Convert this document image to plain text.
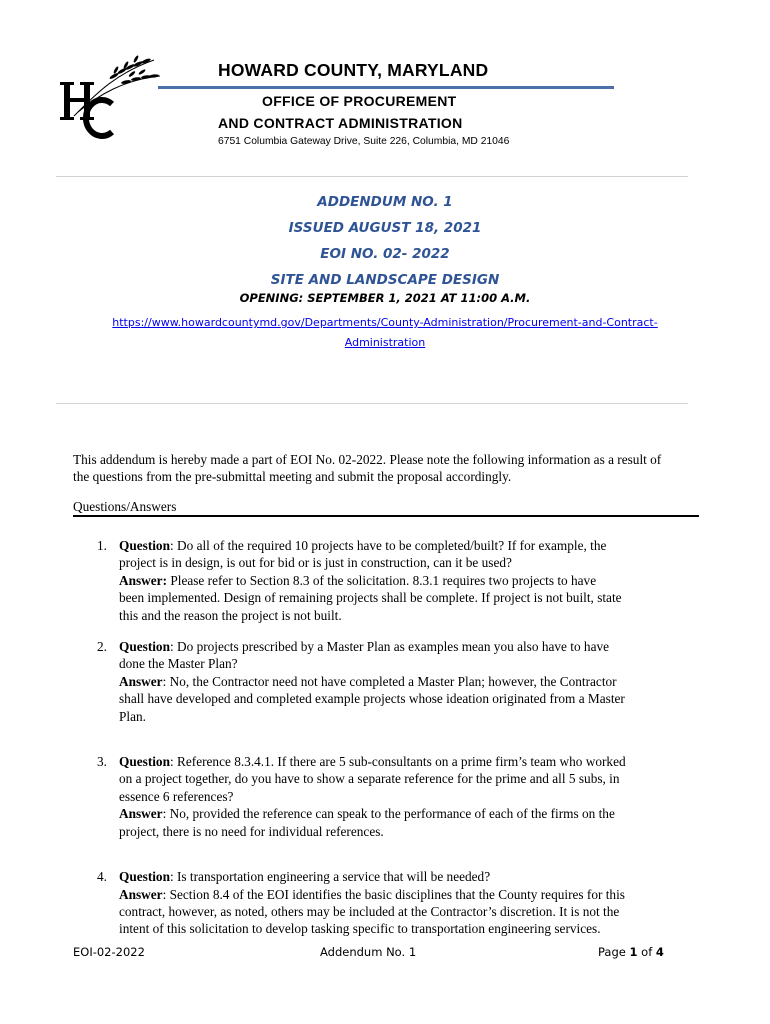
HOWARD COUNTY, MARYLAND
OFFICE OF PROCUREMENT
AND CONTRACT ADMINISTRATION
6751 Columbia Gateway Drive, Suite 226, Columbia, MD 21046
ADDENDUM NO. 1
ISSUED AUGUST 18, 2021
EOI NO. 02- 2022
SITE AND LANDSCAPE DESIGN
OPENING: SEPTEMBER 1, 2021 AT 11:00 A.M.
https://www.howardcountymd.gov/Departments/County-Administration/Procurement-and-Contract-
Administration
This addendum is hereby made a part of EOI No. 02-2022. Please note the following information as a result of
the questions from the pre-submittal meeting and submit the proposal accordingly.
Questions/Answers
1. Question: Do all of the required 10 projects have to be completed/built? If for example, the
project is in design, is out for bid or is just in construction, can it be used?
Answer: Please refer to Section 8.3 of the solicitation. 8.3.1 requires two projects to have
been implemented. Design of remaining projects shall be complete. If project is not built, state
this and the reason the project is not built.
2. Question: Do projects prescribed by a Master Plan as examples mean you also have to have
done the Master Plan?
Answer: No, the Contractor need not have completed a Master Plan; however, the Contractor
shall have developed and completed example projects whose ideation originated from a Master
Plan.
3. Question: Reference 8.3.4.1. If there are 5 sub-consultants on a prime firm’s team who worked
on a project together, do you have to show a separate reference for the prime and all 5 subs, in
essence 6 references?
Answer: No, provided the reference can speak to the performance of each of the firms on the
project, there is no need for individual references.
4. Question: Is transportation engineering a service that will be needed?
Answer: Section 8.4 of the EOI identifies the basic disciplines that the County requires for this
contract, however, as noted, others may be included at the Contractor’s discretion. It is not the
intent of this solicitation to develop tasking specific to transportation engineering services.
EOI-02-2022	Addendum No. 1	Page 1 of 4
